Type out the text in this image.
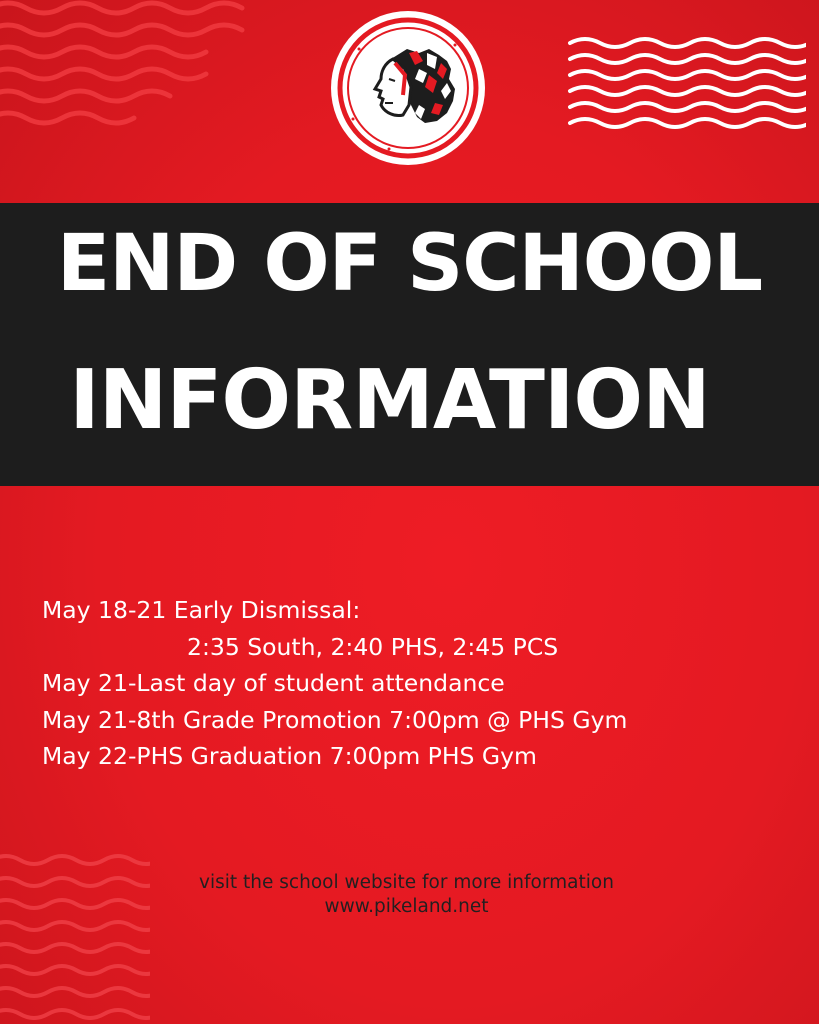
END OF SCHOOL
INFORMATION
May 18-21 Early Dismissal:
2:35 South, 2:40 PHS, 2:45 PCS
May 21-Last day of student attendance
May 21-8th Grade Promotion 7:00pm @ PHS Gym
May 22-PHS Graduation 7:00pm PHS Gym
visit the school website for more information
www.pikeland.net
